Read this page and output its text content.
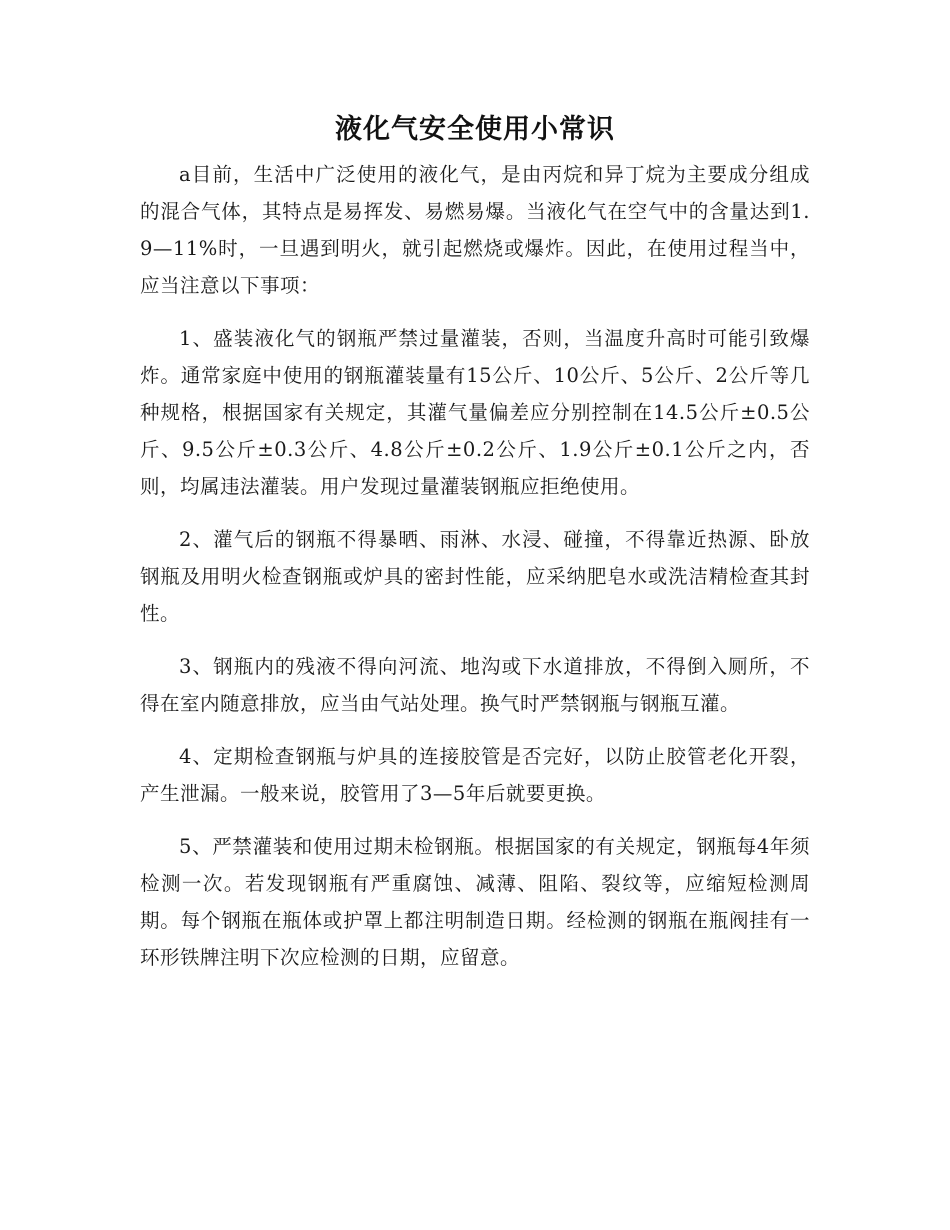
液化气安全使用小常识

a目前，生活中广泛使用的液化气，是由丙烷和异丁烷为主要成分组成的混合气体，其特点是易挥发、易燃易爆。当液化气在空气中的含量达到1.9—11%时，一旦遇到明火，就引起燃烧或爆炸。因此，在使用过程当中，应当注意以下事项：

1、盛装液化气的钢瓶严禁过量灌装，否则，当温度升高时可能引致爆炸。通常家庭中使用的钢瓶灌装量有15公斤、10公斤、5公斤、2公斤等几种规格，根据国家有关规定，其灌气量偏差应分别控制在14.5公斤±0.5公斤、9.5公斤±0.3公斤、4.8公斤±0.2公斤、1.9公斤±0.1公斤之内，否则，均属违法灌装。用户发现过量灌装钢瓶应拒绝使用。

2、灌气后的钢瓶不得暴晒、雨淋、水浸、碰撞，不得靠近热源、卧放钢瓶及用明火检查钢瓶或炉具的密封性能，应采纳肥皂水或洗洁精检查其封性。

3、钢瓶内的残液不得向河流、地沟或下水道排放，不得倒入厕所，不得在室内随意排放，应当由气站处理。换气时严禁钢瓶与钢瓶互灌。

4、定期检查钢瓶与炉具的连接胶管是否完好，以防止胶管老化开裂，产生泄漏。一般来说，胶管用了3—5年后就要更换。

5、严禁灌装和使用过期未检钢瓶。根据国家的有关规定，钢瓶每4年须检测一次。若发现钢瓶有严重腐蚀、减薄、阻陷、裂纹等，应缩短检测周期。每个钢瓶在瓶体或护罩上都注明制造日期。经检测的钢瓶在瓶阀挂有一环形铁牌注明下次应检测的日期，应留意。
